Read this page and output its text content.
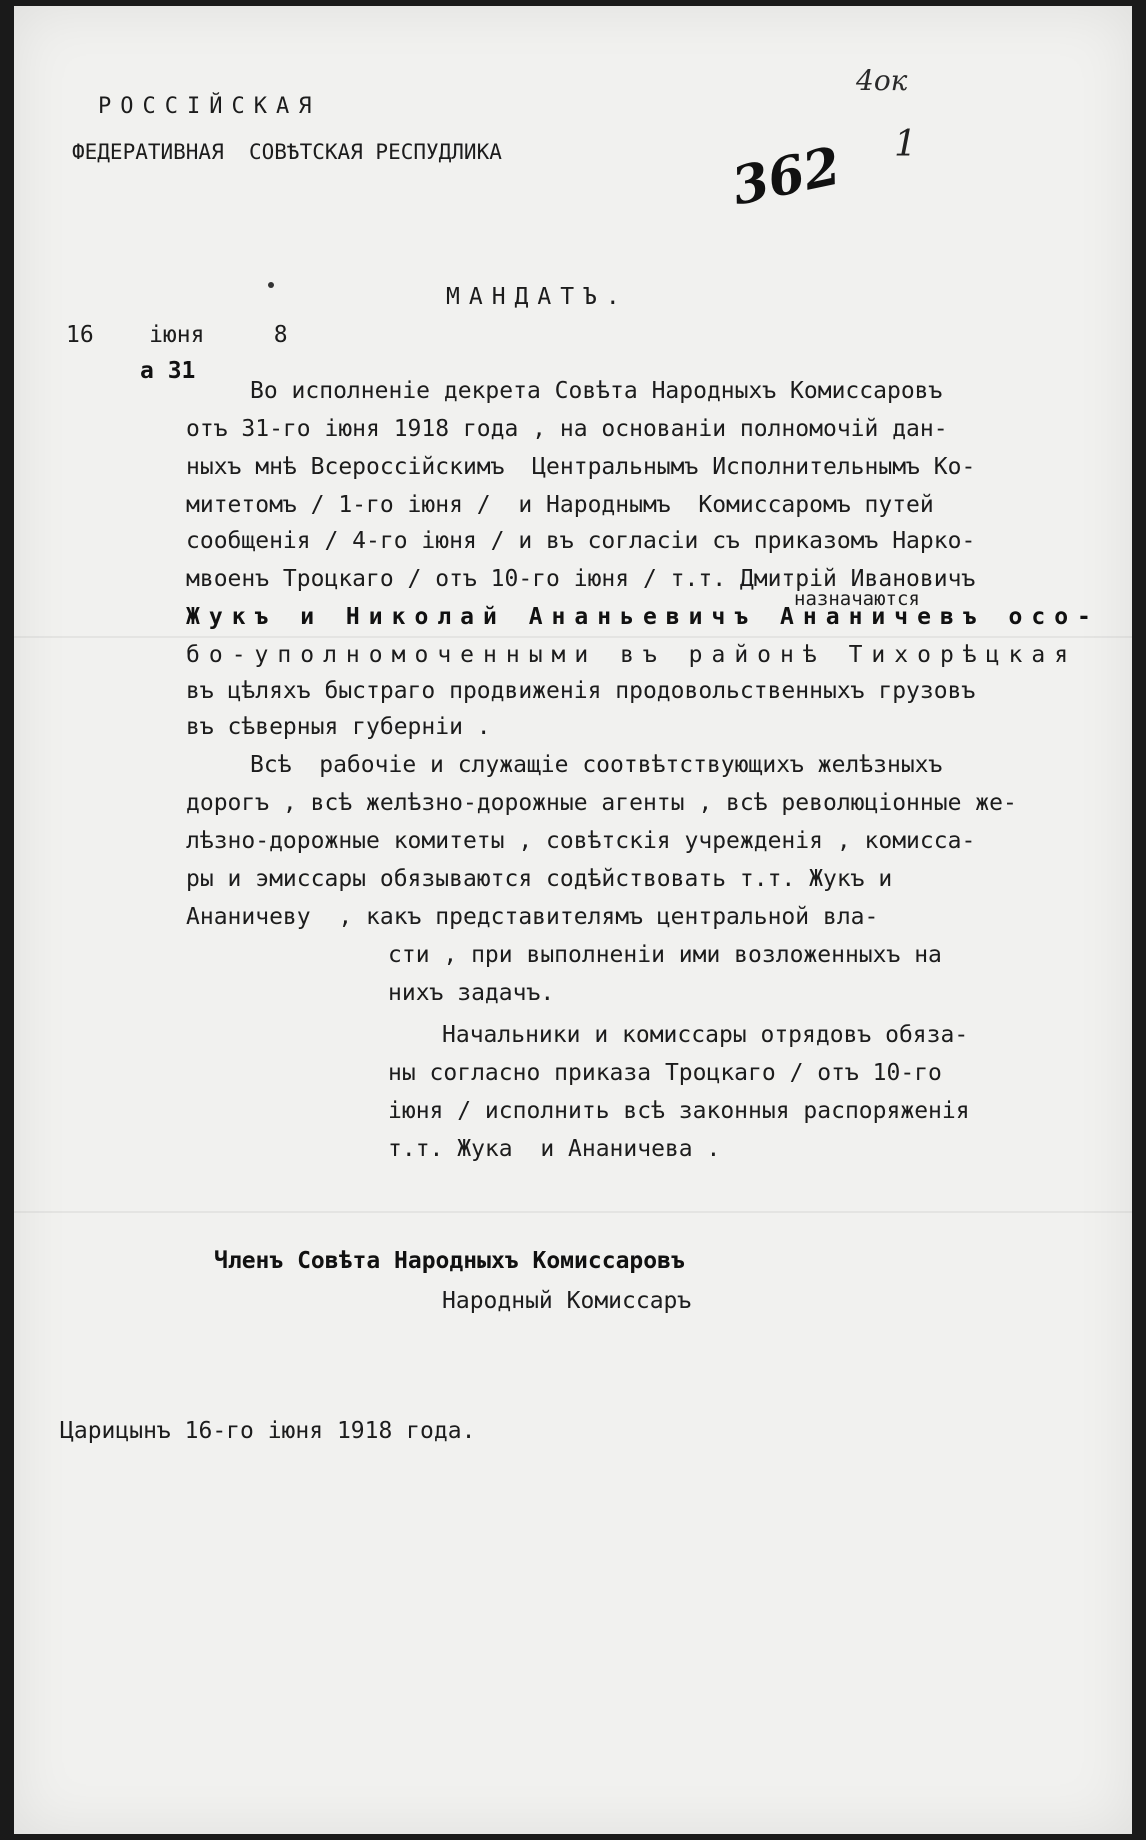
РОССІЙСКАЯ
ФЕДЕРАТИВНАЯ  СОВѢТСКАЯ РЕСПУДЛИКА
4ок
362 1
МАНДАТЪ.
16    іюня     8
а 31
Во исполненіе декрета Совѣта Народныхъ Комиссаровъ
отъ 31-го іюня 1918 года , на основаніи полномочій дан-
ныхъ мнѣ Всероссійскимъ  Центральнымъ Исполнительнымъ Ко-
митетомъ / 1-го іюня /  и Народнымъ  Комиссаромъ путей
сообщенія / 4-го іюня / и въ согласіи съ приказомъ Нарко-
мвоенъ Троцкаго / отъ 10-го іюня / т.т. Дмитрій Ивановичъ
назначаются
Жукъ и Николай Ананьевичъ Ананичевъ осо-
бо-уполномоченными въ районѣ Тихорѣцкая
въ цѣляхъ быстраго продвиженія продовольственныхъ грузовъ
въ сѣверныя губерніи .
Всѣ  рабочіе и служащіе соотвѣтствующихъ желѣзныхъ
дорогъ , всѣ желѣзно-дорожные агенты , всѣ революціонные же-
лѣзно-дорожные комитеты , совѣтскія учрежденія , комисса-
ры и эмиссары обязываются содѣйствовать т.т. Жукъ и
Ананичеву  , какъ представителямъ центральной вла-
сти , при выполненіи ими возложенныхъ на
нихъ задачъ.
Начальники и комиссары отрядовъ обяза-
ны согласно приказа Троцкаго / отъ 10-го
іюня / исполнить всѣ законныя распоряженія
т.т. Жука  и Ананичева .
Членъ Совѣта Народныхъ Комиссаровъ
Народный Комиссаръ
Царицынъ 16-го іюня 1918 года.
